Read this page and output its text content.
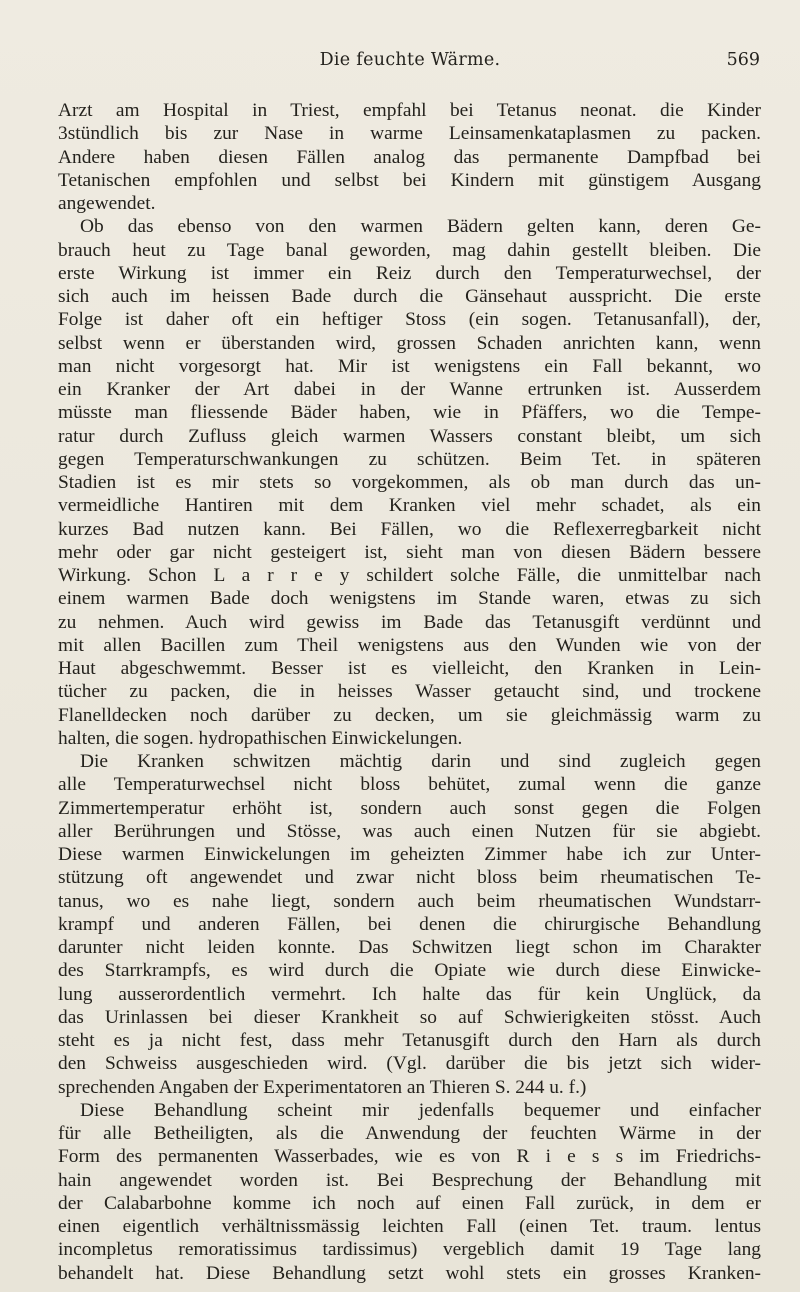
Die feuchte Wärme.	569
Arzt am Hospital in Triest, empfahl bei Tetanus neonat. die Kinder
3stündlich bis zur Nase in warme Leinsamenkataplasmen zu packen.
Andere haben diesen Fällen analog das permanente Dampfbad bei
Tetanischen empfohlen und selbst bei Kindern mit günstigem Ausgang
angewendet.
Ob das ebenso von den warmen Bädern gelten kann, deren Ge-
brauch heut zu Tage banal geworden, mag dahin gestellt bleiben. Die
erste Wirkung ist immer ein Reiz durch den Temperaturwechsel, der
sich auch im heissen Bade durch die Gänsehaut ausspricht. Die erste
Folge ist daher oft ein heftiger Stoss (ein sogen. Tetanusanfall), der,
selbst wenn er überstanden wird, grossen Schaden anrichten kann, wenn
man nicht vorgesorgt hat. Mir ist wenigstens ein Fall bekannt, wo
ein Kranker der Art dabei in der Wanne ertrunken ist. Ausserdem
müsste man fliessende Bäder haben, wie in Pfäffers, wo die Tempe-
ratur durch Zufluss gleich warmen Wassers constant bleibt, um sich
gegen Temperaturschwankungen zu schützen. Beim Tet. in späteren
Stadien ist es mir stets so vorgekommen, als ob man durch das un-
vermeidliche Hantiren mit dem Kranken viel mehr schadet, als ein
kurzes Bad nutzen kann. Bei Fällen, wo die Reflexerregbarkeit nicht
mehr oder gar nicht gesteigert ist, sieht man von diesen Bädern bessere
Wirkung. Schon L a r r e y schildert solche Fälle, die unmittelbar nach
einem warmen Bade doch wenigstens im Stande waren, etwas zu sich
zu nehmen. Auch wird gewiss im Bade das Tetanusgift verdünnt und
mit allen Bacillen zum Theil wenigstens aus den Wunden wie von der
Haut abgeschwemmt. Besser ist es vielleicht, den Kranken in Lein-
tücher zu packen, die in heisses Wasser getaucht sind, und trockene
Flanelldecken noch darüber zu decken, um sie gleichmässig warm zu
halten, die sogen. hydropathischen Einwickelungen.
Die Kranken schwitzen mächtig darin und sind zugleich gegen
alle Temperaturwechsel nicht bloss behütet, zumal wenn die ganze
Zimmertemperatur erhöht ist, sondern auch sonst gegen die Folgen
aller Berührungen und Stösse, was auch einen Nutzen für sie abgiebt.
Diese warmen Einwickelungen im geheizten Zimmer habe ich zur Unter-
stützung oft angewendet und zwar nicht bloss beim rheumatischen Te-
tanus, wo es nahe liegt, sondern auch beim rheumatischen Wundstarr-
krampf und anderen Fällen, bei denen die chirurgische Behandlung
darunter nicht leiden konnte. Das Schwitzen liegt schon im Charakter
des Starrkrampfs, es wird durch die Opiate wie durch diese Einwicke-
lung ausserordentlich vermehrt. Ich halte das für kein Unglück, da
das Urinlassen bei dieser Krankheit so auf Schwierigkeiten stösst. Auch
steht es ja nicht fest, dass mehr Tetanusgift durch den Harn als durch
den Schweiss ausgeschieden wird. (Vgl. darüber die bis jetzt sich wider-
sprechenden Angaben der Experimentatoren an Thieren S. 244 u. f.)
Diese Behandlung scheint mir jedenfalls bequemer und einfacher
für alle Betheiligten, als die Anwendung der feuchten Wärme in der
Form des permanenten Wasserbades, wie es von R i e s s im Friedrichs-
hain angewendet worden ist. Bei Besprechung der Behandlung mit
der Calabarbohne komme ich noch auf einen Fall zurück, in dem er
einen eigentlich verhältnissmässig leichten Fall (einen Tet. traum. lentus
incompletus remoratissimus tardissimus) vergeblich damit 19 Tage lang
behandelt hat. Diese Behandlung setzt wohl stets ein grosses Kranken-
